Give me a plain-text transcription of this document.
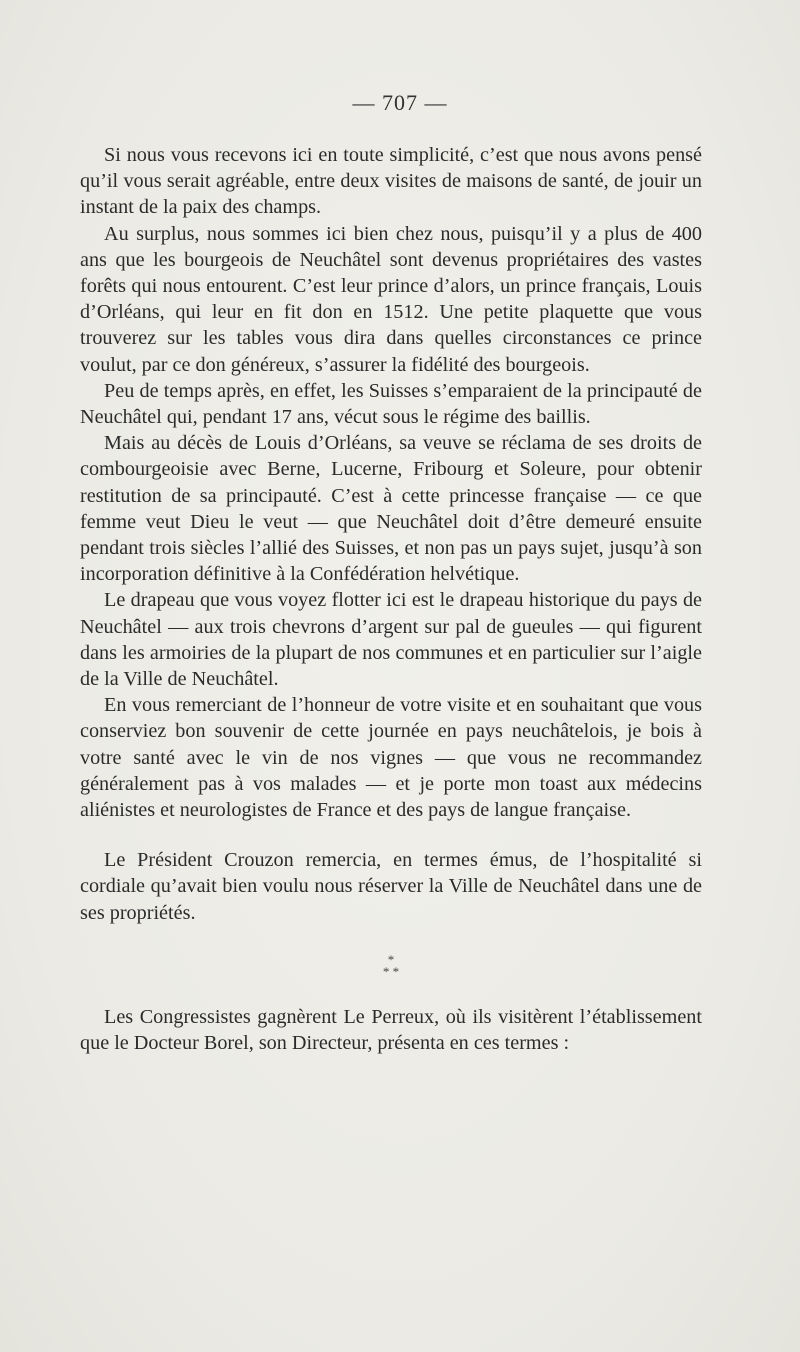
— 707 —

Si nous vous recevons ici en toute simplicité, c’est que nous avons pensé qu’il vous serait agréable, entre deux visites de maisons de santé, de jouir un instant de la paix des champs.

Au surplus, nous sommes ici bien chez nous, puisqu’il y a plus de 400 ans que les bourgeois de Neuchâtel sont devenus propriétaires des vastes forêts qui nous entourent. C’est leur prince d’alors, un prince français, Louis d’Orléans, qui leur en fit don en 1512. Une petite plaquette que vous trouverez sur les tables vous dira dans quelles circonstances ce prince voulut, par ce don généreux, s’assurer la fidélité des bourgeois.

Peu de temps après, en effet, les Suisses s’emparaient de la principauté de Neuchâtel qui, pendant 17 ans, vécut sous le régime des baillis.

Mais au décès de Louis d’Orléans, sa veuve se réclama de ses droits de combourgeoisie avec Berne, Lucerne, Fribourg et Soleure, pour obtenir restitution de sa principauté. C’est à cette princesse française — ce que femme veut Dieu le veut — que Neuchâtel doit d’être demeuré ensuite pendant trois siècles l’allié des Suisses, et non pas un pays sujet, jusqu’à son incorporation définitive à la Confédération helvétique.

Le drapeau que vous voyez flotter ici est le drapeau historique du pays de Neuchâtel — aux trois chevrons d’argent sur pal de gueules — qui figurent dans les armoiries de la plupart de nos communes et en particulier sur l’aigle de la Ville de Neuchâtel.

En vous remerciant de l’honneur de votre visite et en souhaitant que vous conserviez bon souvenir de cette journée en pays neuchâtelois, je bois à votre santé avec le vin de nos vignes — que vous ne recommandez généralement pas à vos malades — et je porte mon toast aux médecins aliénistes et neurologistes de France et des pays de langue française.

Le Président Crouzon remercia, en termes émus, de l’hospitalité si cordiale qu’avait bien voulu nous réserver la Ville de Neuchâtel dans une de ses propriétés.

*
* *

Les Congressistes gagnèrent Le Perreux, où ils visitèrent l’établissement que le Docteur Borel, son Directeur, présenta en ces termes :
